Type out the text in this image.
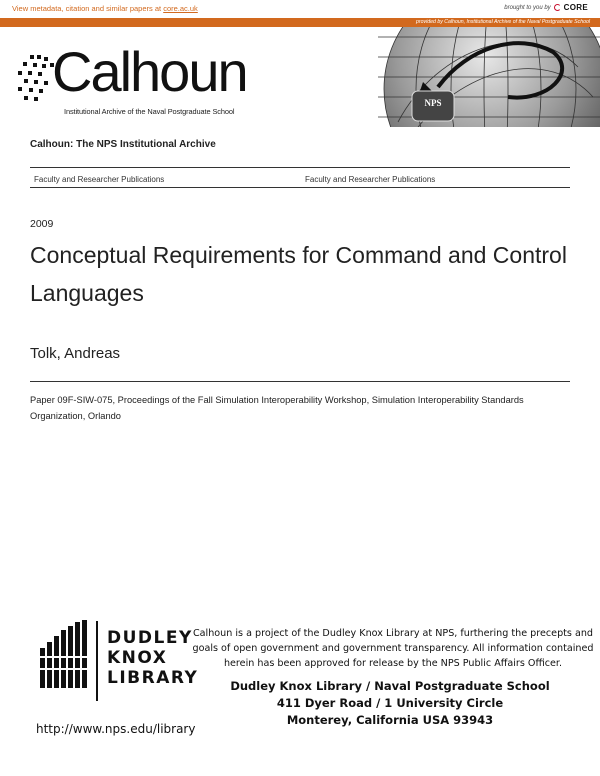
View metadata, citation and similar papers at core.ac.uk	brought to you by CORE
provided by Calhoun, Institutional Archive of the Naval Postgraduate School
Calhoun
Institutional Archive of the Naval Postgraduate School
NPS
Calhoun: The NPS Institutional Archive
Faculty and Researcher Publications	Faculty and Researcher Publications
2009
Conceptual Requirements for Command and Control Languages
Tolk, Andreas
Paper 09F-SIW-075, Proceedings of the Fall Simulation Interoperability Workshop, Simulation Interoperability Standards Organization, Orlando
DUDLEY
KNOX
LIBRARY
Calhoun is a project of the Dudley Knox Library at NPS, furthering the precepts and goals of open government and government transparency. All information contained herein has been approved for release by the NPS Public Affairs Officer.
Dudley Knox Library / Naval Postgraduate School
411 Dyer Road / 1 University Circle
Monterey, California USA 93943
http://www.nps.edu/library
